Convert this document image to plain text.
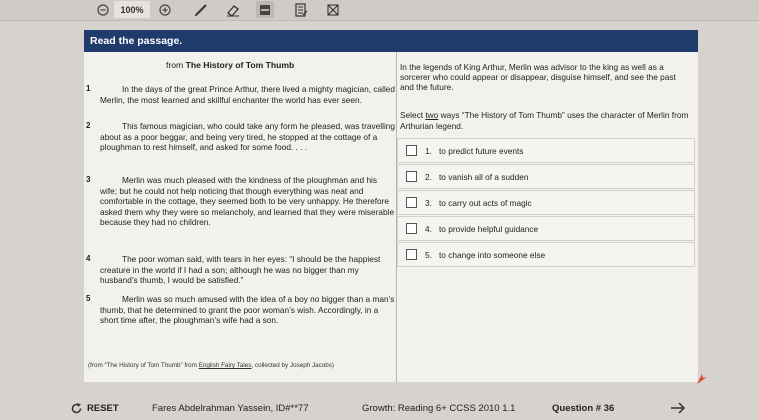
100%
Read the passage.
from The History of Tom Thumb
1	In the days of the great Prince Arthur, there lived a mighty magician, called Merlin, the most learned and skillful enchanter the world has ever seen.
2	This famous magician, who could take any form he pleased, was travelling about as a poor beggar, and being very tired, he stopped at the cottage of a ploughman to rest himself, and asked for some food. . . .
3	Merlin was much pleased with the kindness of the ploughman and his wife; but he could not help noticing that though everything was neat and comfortable in the cottage, they seemed both to be very unhappy. He therefore asked them why they were so melancholy, and learned that they were miserable because they had no children.
4	The poor woman said, with tears in her eyes: “I should be the happiest creature in the world if I had a son; although he was no bigger than my husband’s thumb, I would be satisfied.”
5	Merlin was so much amused with the idea of a boy no bigger than a man’s thumb, that he determined to grant the poor woman’s wish. Accordingly, in a short time after, the ploughman’s wife had a son.
(from “The History of Tom Thumb” from English Fairy Tales, collected by Joseph Jacobs)
In the legends of King Arthur, Merlin was advisor to the king as well as a sorcerer who could appear or disappear, disguise himself, and see the past and the future.
Select two ways “The History of Tom Thumb” uses the character of Merlin from Arthurian legend.
1. to predict future events
2. to vanish all of a sudden
3. to carry out acts of magic
4. to provide helpful guidance
5. to change into someone else
RESET	Fares Abdelrahman Yassein, ID#**77	Growth: Reading 6+ CCSS 2010 1.1	Question # 36
